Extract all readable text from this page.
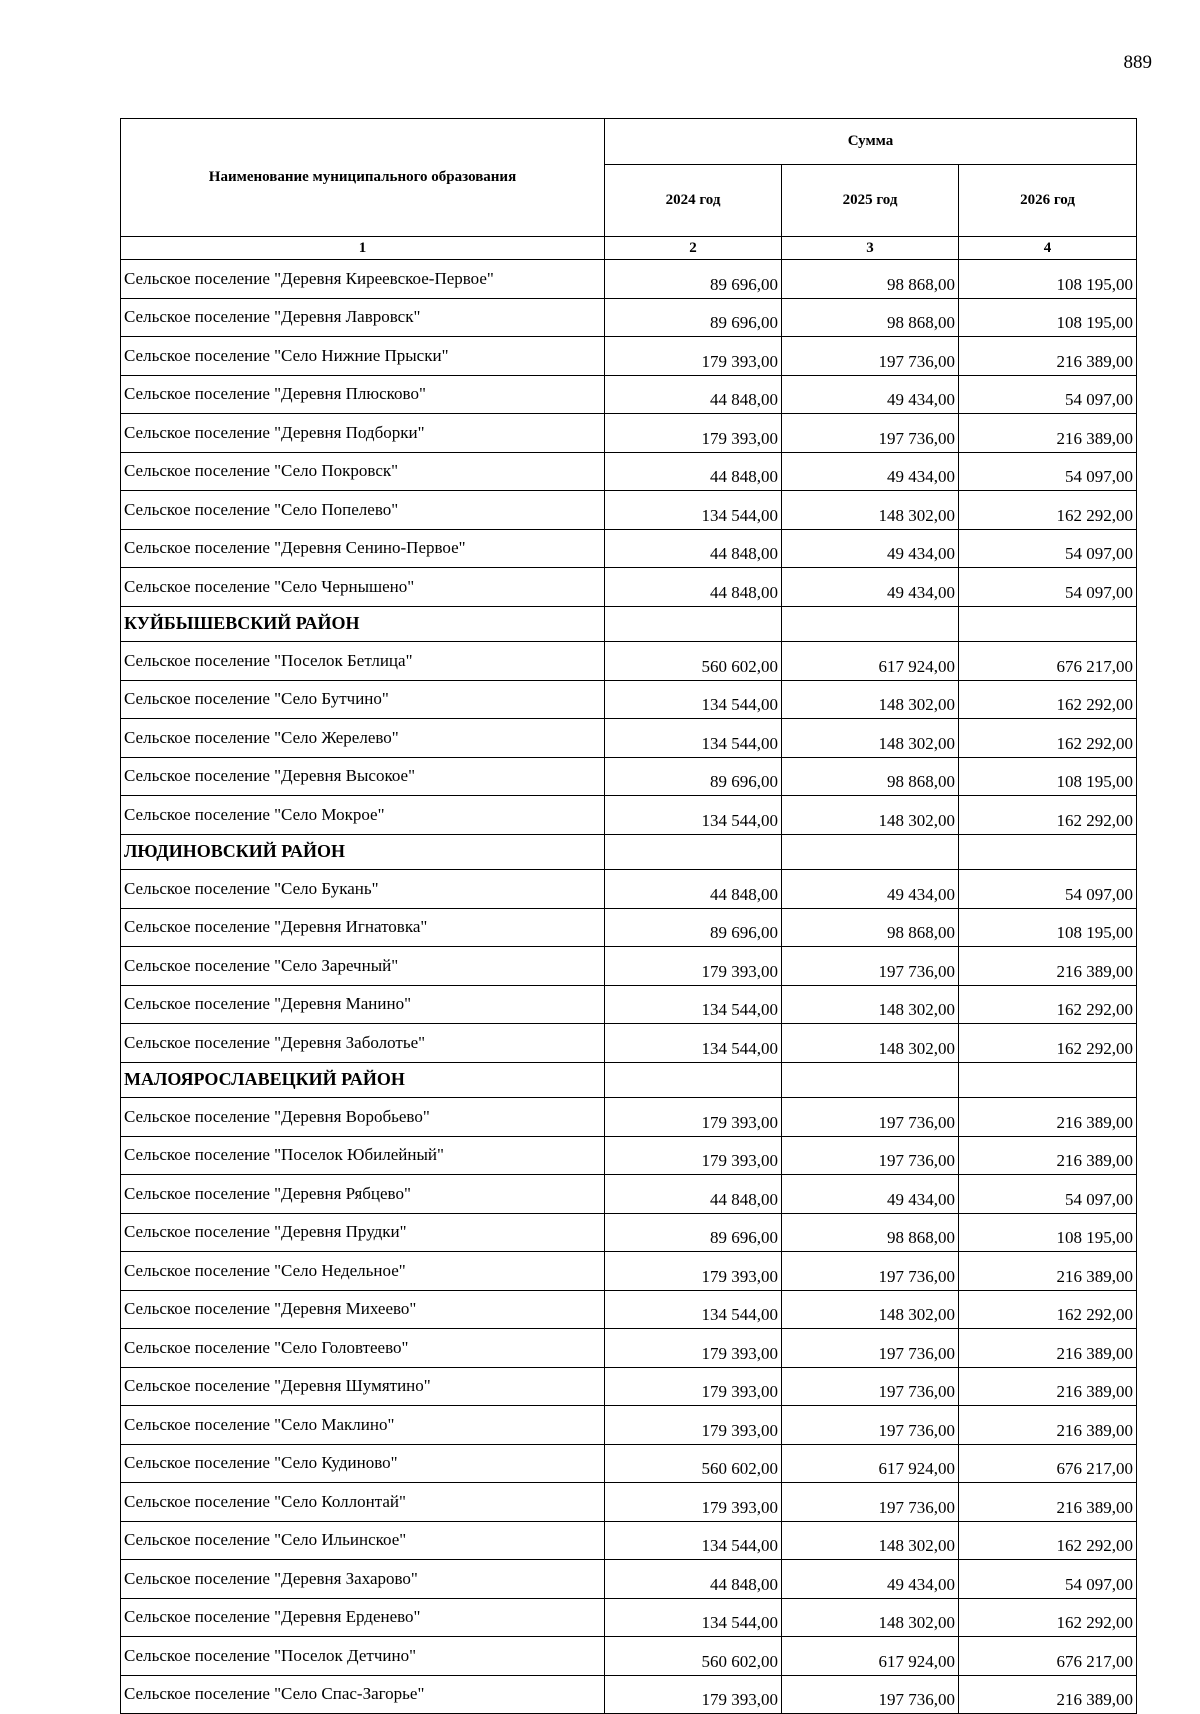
889
Наименование муниципального образования	Сумма		
	2024 год	2025 год	2026 год
1	2	3	4
Сельское поселение "Деревня Киреевское-Первое"	89 696,00	98 868,00	108 195,00
Сельское поселение "Деревня Лавровск"	89 696,00	98 868,00	108 195,00
Сельское поселение "Село Нижние Прыски"	179 393,00	197 736,00	216 389,00
Сельское поселение "Деревня Плюсково"	44 848,00	49 434,00	54 097,00
Сельское поселение "Деревня Подборки"	179 393,00	197 736,00	216 389,00
Сельское поселение "Село Покровск"	44 848,00	49 434,00	54 097,00
Сельское поселение "Село Попелево"	134 544,00	148 302,00	162 292,00
Сельское поселение "Деревня Сенино-Первое"	44 848,00	49 434,00	54 097,00
Сельское поселение "Село Чернышено"	44 848,00	49 434,00	54 097,00
КУЙБЫШЕВСКИЙ РАЙОН			
Сельское поселение "Поселок Бетлица"	560 602,00	617 924,00	676 217,00
Сельское поселение "Село Бутчино"	134 544,00	148 302,00	162 292,00
Сельское поселение "Село Жерелево"	134 544,00	148 302,00	162 292,00
Сельское поселение "Деревня Высокое"	89 696,00	98 868,00	108 195,00
Сельское поселение "Село Мокрое"	134 544,00	148 302,00	162 292,00
ЛЮДИНОВСКИЙ РАЙОН			
Сельское поселение "Село Букань"	44 848,00	49 434,00	54 097,00
Сельское поселение "Деревня Игнатовка"	89 696,00	98 868,00	108 195,00
Сельское поселение "Село Заречный"	179 393,00	197 736,00	216 389,00
Сельское поселение "Деревня Манино"	134 544,00	148 302,00	162 292,00
Сельское поселение "Деревня Заболотье"	134 544,00	148 302,00	162 292,00
МАЛОЯРОСЛАВЕЦКИЙ РАЙОН			
Сельское поселение "Деревня Воробьево"	179 393,00	197 736,00	216 389,00
Сельское поселение "Поселок Юбилейный"	179 393,00	197 736,00	216 389,00
Сельское поселение "Деревня Рябцево"	44 848,00	49 434,00	54 097,00
Сельское поселение "Деревня Прудки"	89 696,00	98 868,00	108 195,00
Сельское поселение "Село Недельное"	179 393,00	197 736,00	216 389,00
Сельское поселение "Деревня Михеево"	134 544,00	148 302,00	162 292,00
Сельское поселение "Село Головтеево"	179 393,00	197 736,00	216 389,00
Сельское поселение "Деревня Шумятино"	179 393,00	197 736,00	216 389,00
Сельское поселение "Село Маклино"	179 393,00	197 736,00	216 389,00
Сельское поселение "Село Кудиново"	560 602,00	617 924,00	676 217,00
Сельское поселение "Село Коллонтай"	179 393,00	197 736,00	216 389,00
Сельское поселение "Село Ильинское"	134 544,00	148 302,00	162 292,00
Сельское поселение "Деревня Захарово"	44 848,00	49 434,00	54 097,00
Сельское поселение "Деревня Ерденево"	134 544,00	148 302,00	162 292,00
Сельское поселение "Поселок Детчино"	560 602,00	617 924,00	676 217,00
Сельское поселение "Село Спас-Загорье"	179 393,00	197 736,00	216 389,00
